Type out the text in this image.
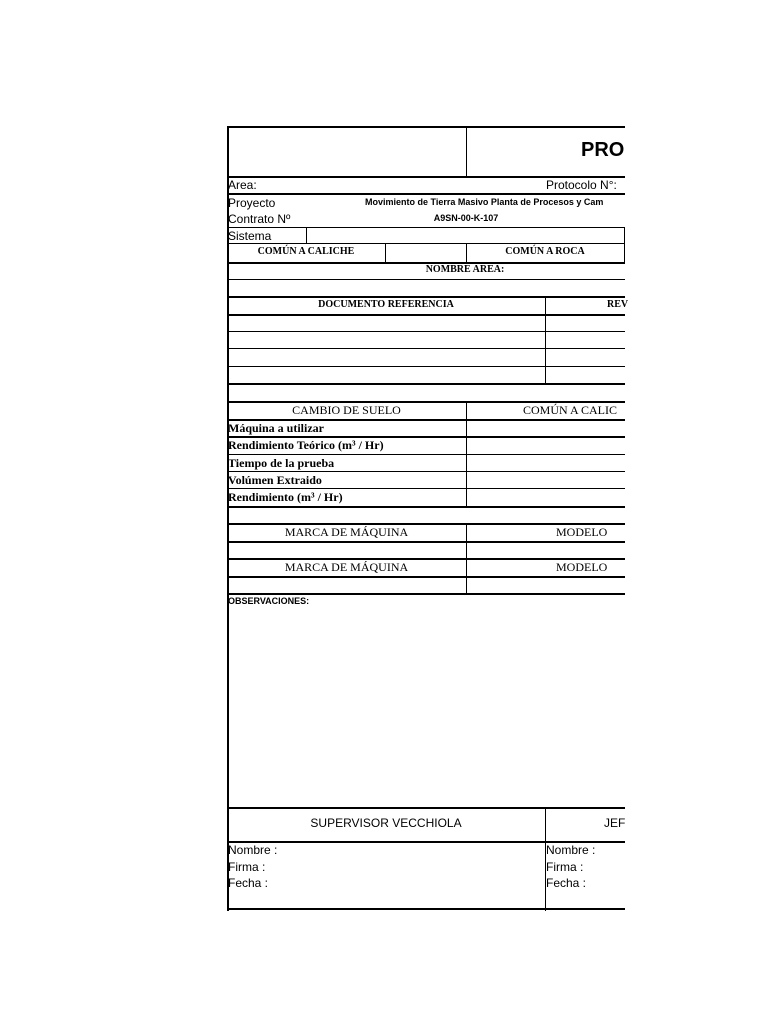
PRO
Area:	Protocolo N°:
Proyecto	Movimiento de Tierra Masivo Planta de Procesos y Cam
Contrato Nº	A9SN-00-K-107
Sistema
COMÚN A CALICHE	COMÚN A ROCA
NOMBRE AREA:
DOCUMENTO REFERENCIA	REV
CAMBIO DE SUELO	COMÚN A CALIC
Máquina a utilizar
Rendimiento Teórico (m³ / Hr)
Tiempo de la prueba
Volúmen Extraido
Rendimiento (m³ / Hr)
MARCA DE MÁQUINA	MODELO
MARCA DE MÁQUINA	MODELO
OBSERVACIONES:
SUPERVISOR VECCHIOLA	JEF
Nombre :
Firma :
Fecha :
Nombre :
Firma :
Fecha :
